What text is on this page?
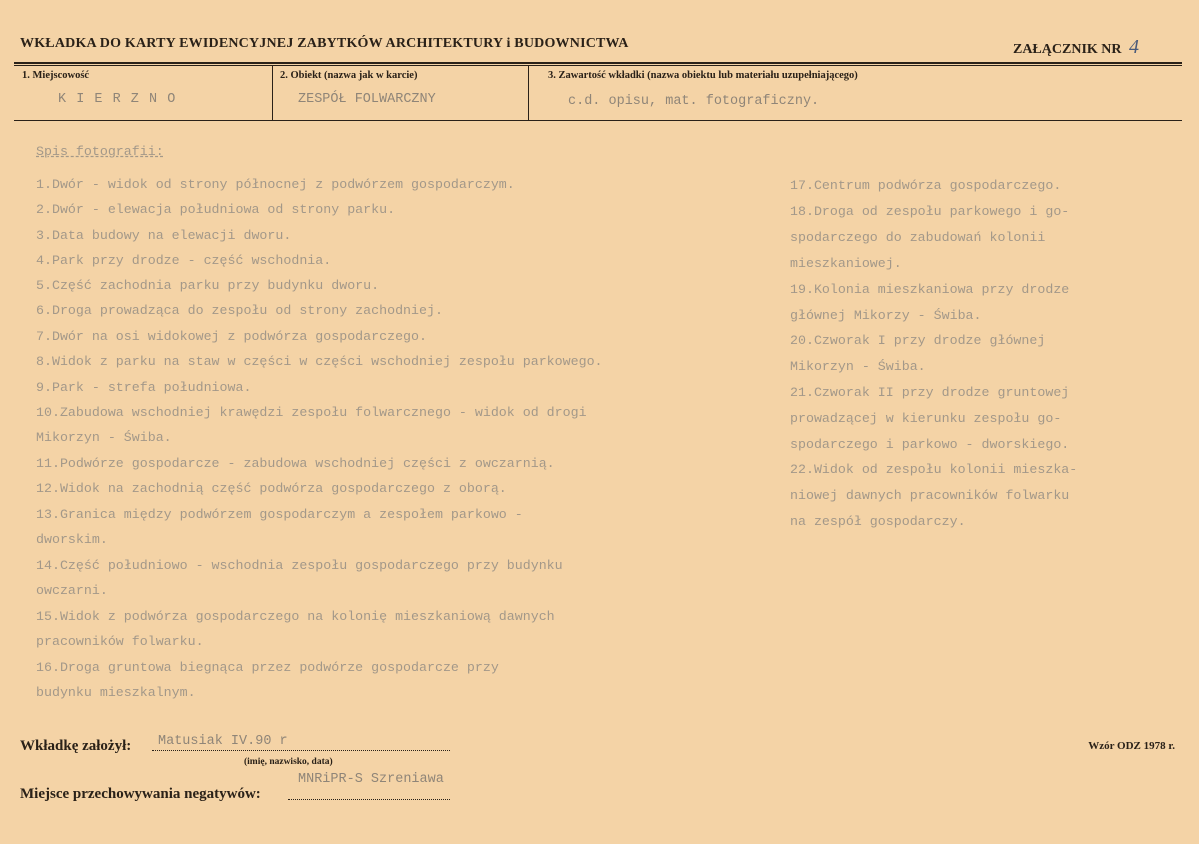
WKŁADKA DO KARTY EWIDENCYJNEJ ZABYTKÓW ARCHITEKTURY i BUDOWNICTWA	ZAŁĄCZNIK NR 4
1. Miejscowość	2. Obiekt (nazwa jak w karcie)	3. Zawartość wkładki (nazwa obiektu lub materiału uzupełniającego)
K I E R Z N O	ZESPÓŁ FOLWARCZNY	c.d. opisu, mat. fotograficzny.
Spis fotografii:
1.Dwór - widok od strony północnej z podwórzem gospodarczym.
2.Dwór - elewacja południowa od strony parku.
3.Data budowy na elewacji dworu.
4.Park przy drodze - część wschodnia.
5.Część zachodnia parku przy budynku dworu.
6.Droga prowadząca do zespołu od strony zachodniej.
7.Dwór na osi widokowej z podwórza gospodarczego.
8.Widok z parku na staw w części w części wschodniej zespołu parkowego.
9.Park - strefa południowa.
10.Zabudowa wschodniej krawędzi zespołu folwarcznego - widok od drogi
Mikorzyn - Świba.
11.Podwórze gospodarcze - zabudowa wschodniej części z owczarnią.
12.Widok na zachodnią część podwórza gospodarczego z oborą.
13.Granica między podwórzem gospodarczym a zespołem parkowo -
dworskim.
14.Część południowo - wschodnia zespołu gospodarczego przy budynku
owczarni.
15.Widok z podwórza gospodarczego na kolonię mieszkaniową dawnych
pracowników folwarku.
16.Droga gruntowa biegnąca przez podwórze gospodarcze przy
budynku mieszkalnym.
17.Centrum podwórza gospodarczego.
18.Droga od zespołu parkowego i go-
spodarczego do zabudowań kolonii
mieszkaniowej.
19.Kolonia mieszkaniowa przy drodze
głównej Mikorzy - Świba.
20.Czworak I przy drodze głównej
Mikorzyn - Świba.
21.Czworak II przy drodze gruntowej
prowadzącej w kierunku zespołu go-
spodarczego i parkowo - dworskiego.
22.Widok od zespołu kolonii mieszka-
niowej dawnych pracowników folwarku
na zespół gospodarczy.
Wkładkę założył: Matusiak IV.90 r
(imię, nazwisko, data)
Miejsce przechowywania negatywów:
MNRiPR-S Szreniawa
Wzór ODZ 1978 r.
